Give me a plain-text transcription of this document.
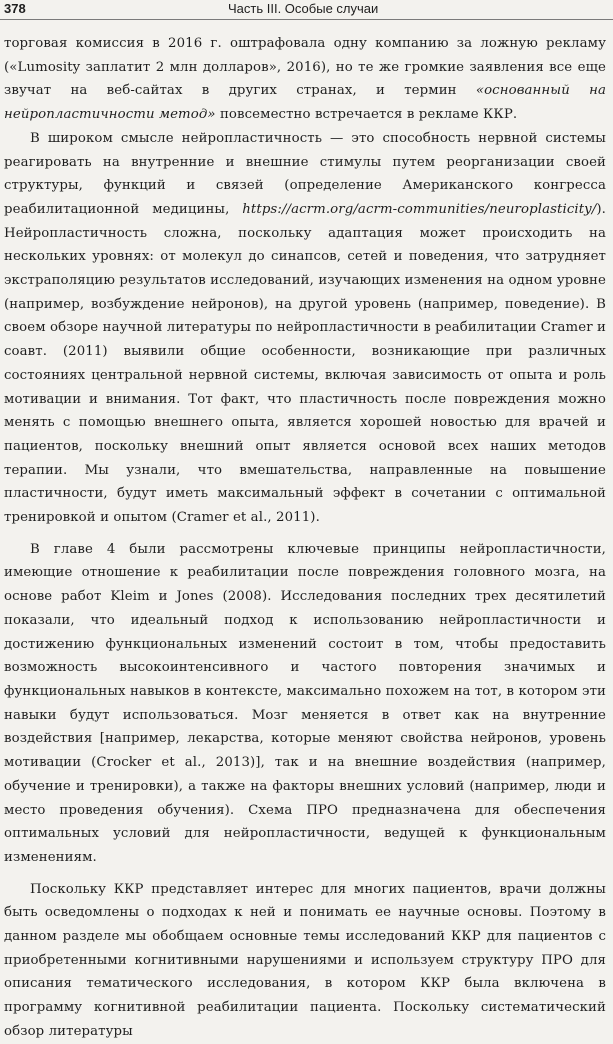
378	Часть III. Особые случаи

торговая комиссия в 2016 г. оштрафовала одну компанию за ложную рекламу («Lumosity заплатит 2 млн долларов», 2016), но те же громкие заявления все еще звучат на веб-сайтах в других странах, и термин «основанный на нейропластичности метод» повсеместно встречается в рекламе ККР.

В широком смысле нейропластичность — это способность нервной системы реагировать на внутренние и внешние стимулы путем реорганизации своей структуры, функций и связей (определение Американского конгресса реабилитационной медицины, https://acrm.org/acrm-communities/neuroplasticity/). Нейропластичность сложна, поскольку адаптация может происходить на нескольких уровнях: от молекул до синапсов, сетей и поведения, что затрудняет экстраполяцию результатов исследований, изучающих изменения на одном уровне (например, возбуждение нейронов), на другой уровень (например, поведение). В своем обзоре научной литературы по нейропластичности в реабилитации Cramer и соавт. (2011) выявили общие особенности, возникающие при различных состояниях центральной нервной системы, включая зависимость от опыта и роль мотивации и внимания. Тот факт, что пластичность после повреждения можно менять с помощью внешнего опыта, является хорошей новостью для врачей и пациентов, поскольку внешний опыт является основой всех наших методов терапии. Мы узнали, что вмешательства, направленные на повышение пластичности, будут иметь максимальный эффект в сочетании с оптимальной тренировкой и опытом (Cramer et al., 2011).

В главе 4 были рассмотрены ключевые принципы нейропластичности, имеющие отношение к реабилитации после повреждения головного мозга, на основе работ Kleim и Jones (2008). Исследования последних трех десятилетий показали, что идеальный подход к использованию нейропластичности и достижению функциональных изменений состоит в том, чтобы предоставить возможность высокоинтенсивного и частого повторения значимых и функциональных навыков в контексте, максимально похожем на тот, в котором эти навыки будут использоваться. Мозг меняется в ответ как на внутренние воздействия [например, лекарства, которые меняют свойства нейронов, уровень мотивации (Crocker et al., 2013)], так и на внешние воздействия (например, обучение и тренировки), а также на факторы внешних условий (например, люди и место проведения обучения). Схема ПРО предназначена для обеспечения оптимальных условий для нейропластичности, ведущей к функциональным изменениям.

Поскольку ККР представляет интерес для многих пациентов, врачи должны быть осведомлены о подходах к ней и понимать ее научные основы. Поэтому в данном разделе мы обобщаем основные темы исследований ККР для пациентов с приобретенными когнитивными нарушениями и используем структуру ПРО для описания тематического исследования, в котором ККР была включена в программу когнитивной реабилитации пациента. Поскольку систематический обзор литературы
